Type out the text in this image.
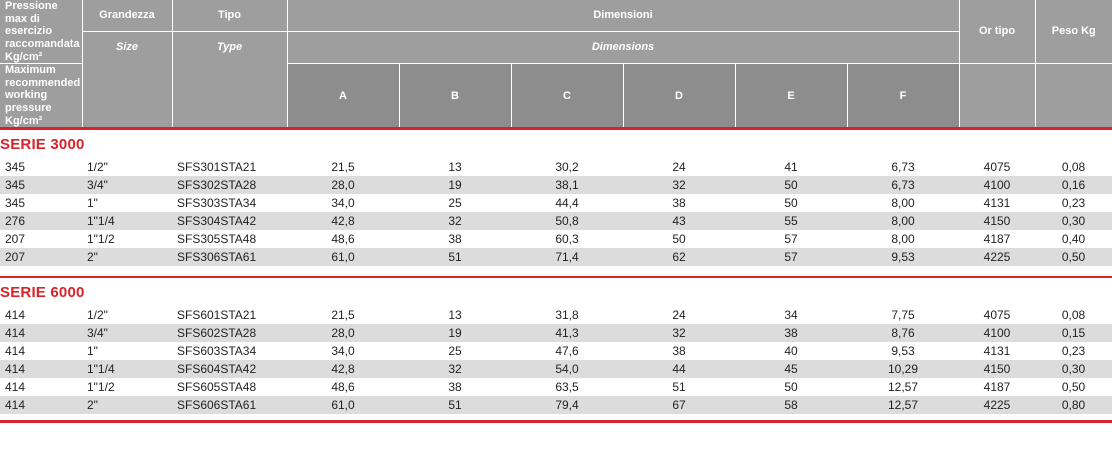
Pressione max di esercizio raccomandata Kg/cm²	Grandezza	Tipo	Dimensioni						Or tipo	Peso Kg
	Size	Type	Dimensions							
Maximum recommended working pressure Kg/cm²			A	B	C	D	E	F		

SERIE 3000										
345	1/2"	SFS301STA21	21,5	13	30,2	24	41	6,73	4075	0,08
345	3/4"	SFS302STA28	28,0	19	38,1	32	50	6,73	4100	0,16
345	1"	SFS303STA34	34,0	25	44,4	38	50	8,00	4131	0,23
276	1"1/4	SFS304STA42	42,8	32	50,8	43	55	8,00	4150	0,30
207	1"1/2	SFS305STA48	48,6	38	60,3	50	57	8,00	4187	0,40
207	2"	SFS306STA61	61,0	51	71,4	62	57	9,53	4225	0,50

SERIE 6000										
414	1/2"	SFS601STA21	21,5	13	31,8	24	34	7,75	4075	0,08
414	3/4"	SFS602STA28	28,0	19	41,3	32	38	8,76	4100	0,15
414	1"	SFS603STA34	34,0	25	47,6	38	40	9,53	4131	0,23
414	1"1/4	SFS604STA42	42,8	32	54,0	44	45	10,29	4150	0,30
414	1"1/2	SFS605STA48	48,6	38	63,5	51	50	12,57	4187	0,50
414	2"	SFS606STA61	61,0	51	79,4	67	58	12,57	4225	0,80
